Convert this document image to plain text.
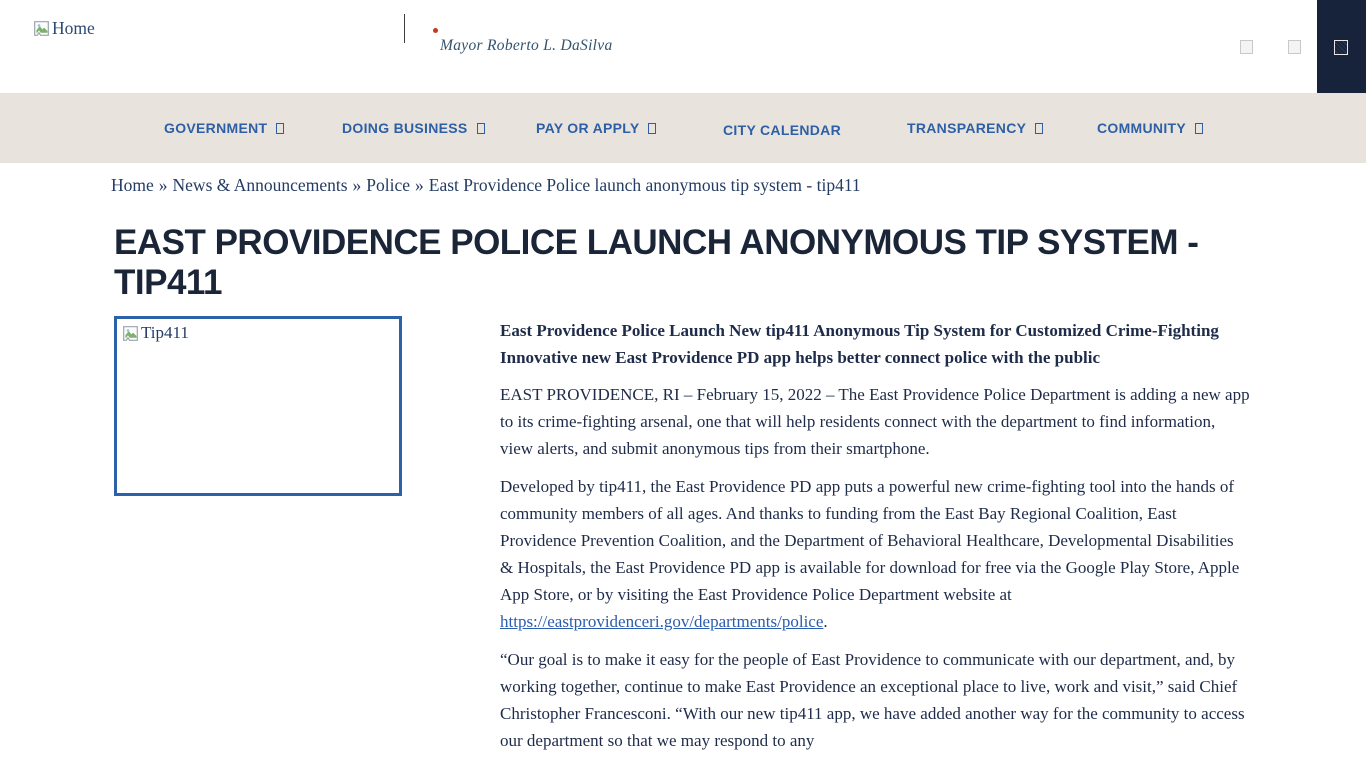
Home
Mayor Roberto L. DaSilva
GOVERNMENT	DOING BUSINESS	PAY OR APPLY	CITY CALENDAR	TRANSPARENCY	COMMUNITY
Home » News & Announcements » Police » East Providence Police launch anonymous tip system - tip411
EAST PROVIDENCE POLICE LAUNCH ANONYMOUS TIP SYSTEM - TIP411
Tip411	East Providence Police Launch New tip411 Anonymous Tip System for Customized Crime-Fighting
Innovative new East Providence PD app helps better connect police with the public

EAST PROVIDENCE, RI – February 15, 2022 – The East Providence Police Department is adding a new app to its crime-fighting arsenal, one that will help residents connect with the department to find information, view alerts, and submit anonymous tips from their smartphone.

Developed by tip411, the East Providence PD app puts a powerful new crime-fighting tool into the hands of community members of all ages. And thanks to funding from the East Bay Regional Coalition, East Providence Prevention Coalition, and the Department of Behavioral Healthcare, Developmental Disabilities & Hospitals, the East Providence PD app is available for download for free via the Google Play Store, Apple App Store, or by visiting the East Providence Police Department website at https://eastprovidenceri.gov/departments/police.

“Our goal is to make it easy for the people of East Providence to communicate with our department, and, by working together, continue to make East Providence an exceptional place to live, work and visit,” said Chief Christopher Francesconi. “With our new tip411 app, we have added another way for the community to access our department so that we may respond to any
